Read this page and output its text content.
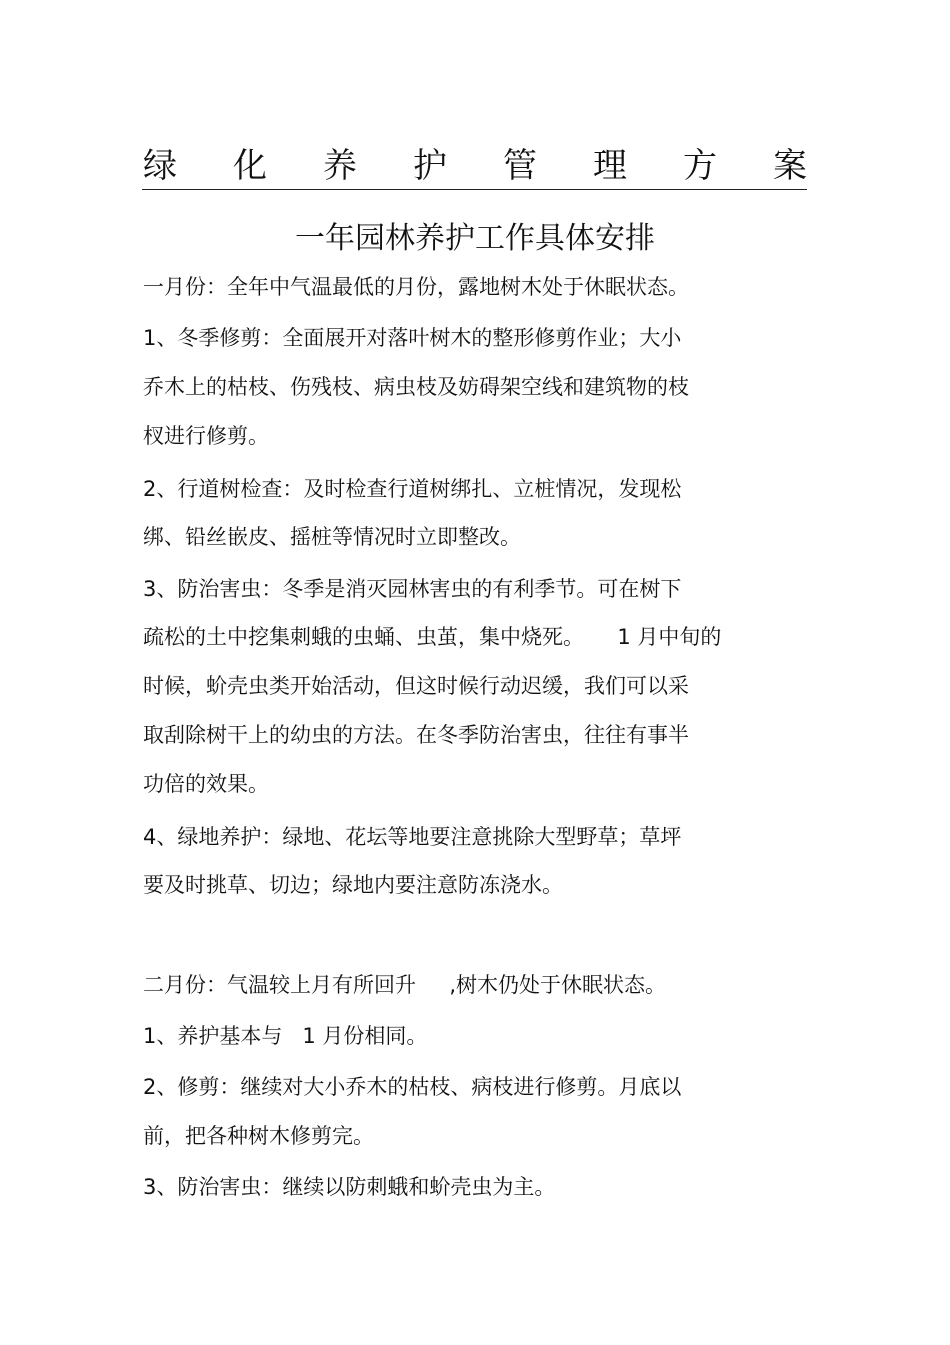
绿 化 养 护 管 理 方 案
一年园林养护工作具体安排
一月份：全年中气温最低的月份，露地树木处于休眠状态。
1、冬季修剪：全面展开对落叶树木的整形修剪作业；大小
乔木上的枯枝、伤残枝、病虫枝及妨碍架空线和建筑物的枝
杈进行修剪。
2、行道树检查：及时检查行道树绑扎、立桩情况，发现松
绑、铅丝嵌皮、摇桩等情况时立即整改。
3、防治害虫：冬季是消灭园林害虫的有利季节。可在树下
疏松的土中挖集刺蛾的虫蛹、虫茧，集中烧死。     1 月中旬的
时候，蚧壳虫类开始活动，但这时候行动迟缓，我们可以采
取刮除树干上的幼虫的方法。在冬季防治害虫，往往有事半
功倍的效果。
4、绿地养护：绿地、花坛等地要注意挑除大型野草；草坪
要及时挑草、切边；绿地内要注意防冻浇水。
二月份：气温较上月有所回升     ,树木仍处于休眠状态。
1、养护基本与   1 月份相同。
2、修剪：继续对大小乔木的枯枝、病枝进行修剪。月底以
前，把各种树木修剪完。
3、防治害虫：继续以防刺蛾和蚧壳虫为主。
